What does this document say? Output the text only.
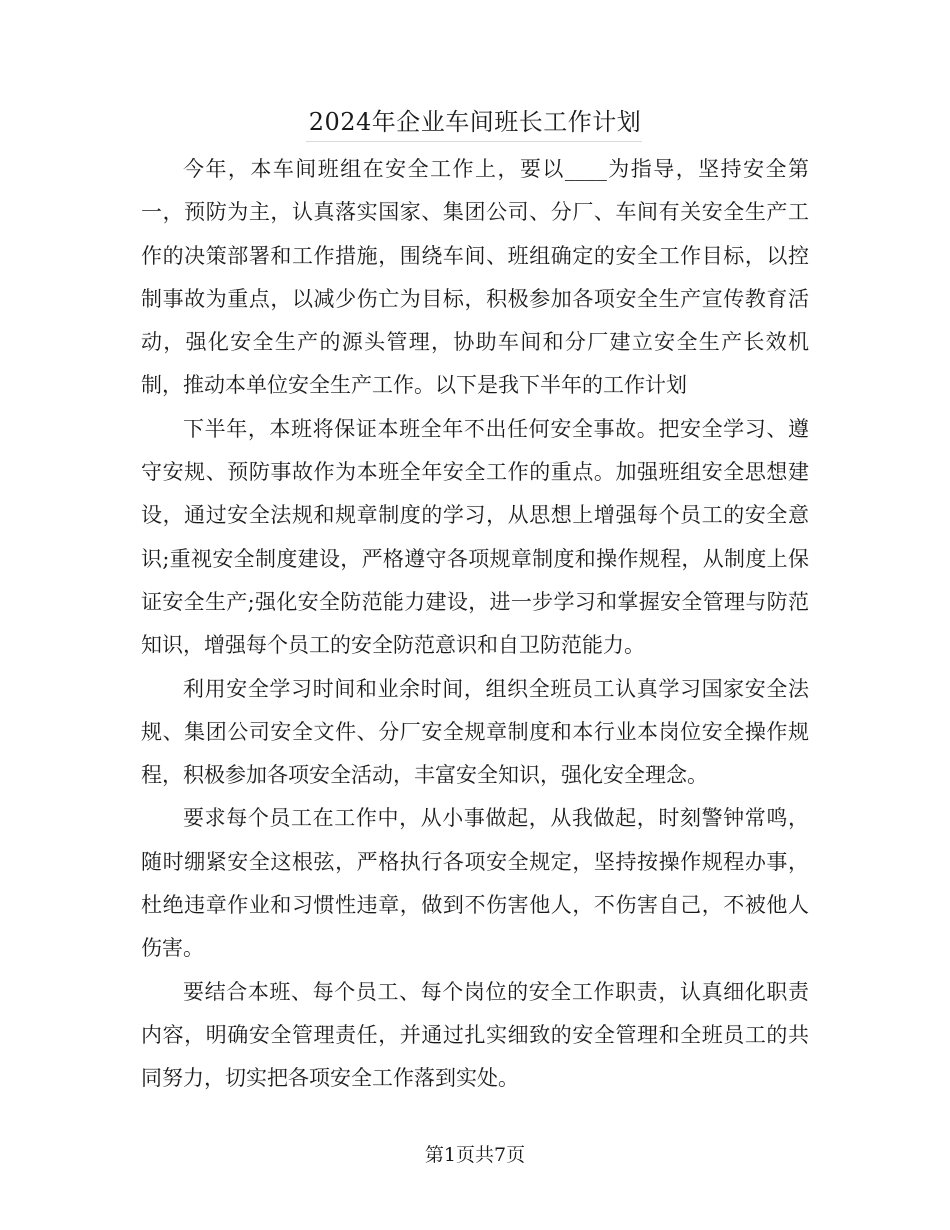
2024年企业车间班长工作计划

今年，本车间班组在安全工作上，要以____为指导，坚持安全第一，预防为主，认真落实国家、集团公司、分厂、车间有关安全生产工作的决策部署和工作措施，围绕车间、班组确定的安全工作目标，以控制事故为重点，以减少伤亡为目标，积极参加各项安全生产宣传教育活动，强化安全生产的源头管理，协助车间和分厂建立安全生产长效机制，推动本单位安全生产工作。以下是我下半年的工作计划

下半年，本班将保证本班全年不出任何安全事故。把安全学习、遵守安规、预防事故作为本班全年安全工作的重点。加强班组安全思想建设，通过安全法规和规章制度的学习，从思想上增强每个员工的安全意识;重视安全制度建设，严格遵守各项规章制度和操作规程，从制度上保证安全生产;强化安全防范能力建设，进一步学习和掌握安全管理与防范知识，增强每个员工的安全防范意识和自卫防范能力。

利用安全学习时间和业余时间，组织全班员工认真学习国家安全法规、集团公司安全文件、分厂安全规章制度和本行业本岗位安全操作规程，积极参加各项安全活动，丰富安全知识，强化安全理念。

要求每个员工在工作中，从小事做起，从我做起，时刻警钟常鸣，随时绷紧安全这根弦，严格执行各项安全规定，坚持按操作规程办事，杜绝违章作业和习惯性违章，做到不伤害他人，不伤害自己，不被他人伤害。

要结合本班、每个员工、每个岗位的安全工作职责，认真细化职责内容，明确安全管理责任，并通过扎实细致的安全管理和全班员工的共同努力，切实把各项安全工作落到实处。

第1页共7页
